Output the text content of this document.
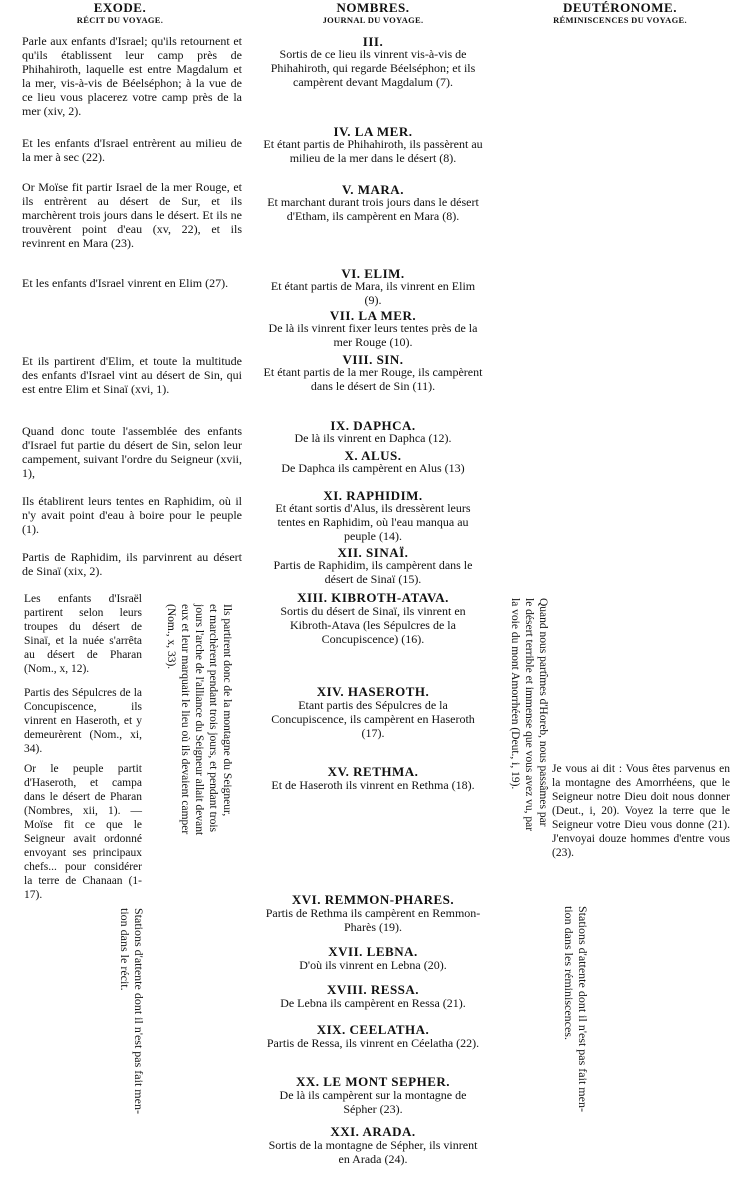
EXODE.
RÉCIT DU VOYAGE.
NOMBRES.
JOURNAL DU VOYAGE.
DEUTÉRONOME.
RÉMINISCENCES DU VOYAGE.
Parle aux enfants d'Israel; qu'ils retournent et qu'ils établissent leur camp près de Phihahiroth, laquelle est entre Magdalum et la mer, vis-à-vis de Béelséphon; à la vue de ce lieu vous placerez votre camp près de la mer (xiv, 2).
Et les enfants d'Israel entrèrent au milieu de la mer à sec (22).
Or Moïse fit partir Israel de la mer Rouge, et ils entrèrent au désert de Sur, et ils marchèrent trois jours dans le désert. Et ils ne trouvèrent point d'eau (xv, 22), et ils revinrent en Mara (23).
Et les enfants d'Israel vinrent en Elim (27).
Et ils partirent d'Elim, et toute la multitude des enfants d'Israel vint au désert de Sin, qui est entre Elim et Sinaï (xvi, 1).
Quand donc toute l'assemblée des enfants d'Israel fut partie du désert de Sin, selon leur campement, suivant l'ordre du Seigneur (xvii, 1),
Ils établirent leurs tentes en Raphidim, où il n'y avait point d'eau à boire pour le peuple (1).
Partis de Raphidim, ils parvinrent au désert de Sinaï (xix, 2).
Les enfants d'Israël partirent selon leurs troupes du désert de Sinaï, et la nuée s'arrêta au désert de Pharan (Nom., x, 12).
Partis des Sépulcres de la Concupiscence, ils vinrent en Haseroth, et y demeurèrent (Nom., xi, 34).
Or le peuple partit d'Haseroth, et campa dans le désert de Pharan (Nombres, xii, 1). — Moïse fit ce que le Seigneur avait ordonné envoyant ses principaux chefs... pour considérer la terre de Chanaan (1-17).
Ils partirent donc de la montagne du Seigneur,
et marchèrent pendant trois jours, et pendant trois
jours l'arche de l'alliance du Seigneur allait devant
eux et leur marquait le lieu où ils devaient camper
(Nom., x, 33).
Stations d'attente dont il n'est pas fait men-
tion dans le récit.
Quand nous partîmes d'Horeb, nous passâmes par
le désert terrible et immense que vous avez vu, par
la voie du mont Amorrhéen (Deut., i, 19).
Stations d'attente dont il n'est pas fait men-
tion dans les réminiscences.
Je vous ai dit : Vous êtes parvenus en la montagne des Amorrhéens, que le Seigneur notre Dieu doit nous donner (Deut., i, 20). Voyez la terre que le Seigneur votre Dieu vous donne (21). J'envoyai douze hommes d'entre vous (23).
III.
Sortis de ce lieu ils vinrent vis-à-vis de Phihahiroth, qui regarde Béelséphon; et ils campèrent devant Magdalum (7).
IV. LA MER.
Et étant partis de Phihahiroth, ils passèrent au milieu de la mer dans le désert (8).
V. MARA.
Et marchant durant trois jours dans le désert d'Etham, ils campèrent en Mara (8).
VI. ELIM.
Et étant partis de Mara, ils vinrent en Elim (9).
VII. LA MER.
De là ils vinrent fixer leurs tentes près de la mer Rouge (10).
VIII. SIN.
Et étant partis de la mer Rouge, ils campèrent dans le désert de Sin (11).
IX. DAPHCA.
De là ils vinrent en Daphca (12).
X. ALUS.
De Daphca ils campèrent en Alus (13)
XI. RAPHIDIM.
Et étant sortis d'Alus, ils dressèrent leurs tentes en Raphidim, où l'eau manqua au peuple (14).
XII. SINAÏ.
Partis de Raphidim, ils campèrent dans le désert de Sinaï (15).
XIII. KIBROTH-ATAVA.
Sortis du désert de Sinaï, ils vinrent en Kibroth-Atava (les Sépulcres de la Concupiscence) (16).
XIV. HASEROTH.
Etant partis des Sépulcres de la Concupiscence, ils campèrent en Haseroth (17).
XV. RETHMA.
Et de Haseroth ils vinrent en Rethma (18).
XVI. REMMON-PHARES.
Partis de Rethma ils campèrent en Remmon-Pharès (19).
XVII. LEBNA.
D'où ils vinrent en Lebna (20).
XVIII. RESSA.
De Lebna ils campèrent en Ressa (21).
XIX. CEELATHA.
Partis de Ressa, ils vinrent en Céelatha (22).
XX. LE MONT SEPHER.
De là ils campèrent sur la montagne de Sépher (23).
XXI. ARADA.
Sortis de la montagne de Sépher, ils vinrent en Arada (24).
